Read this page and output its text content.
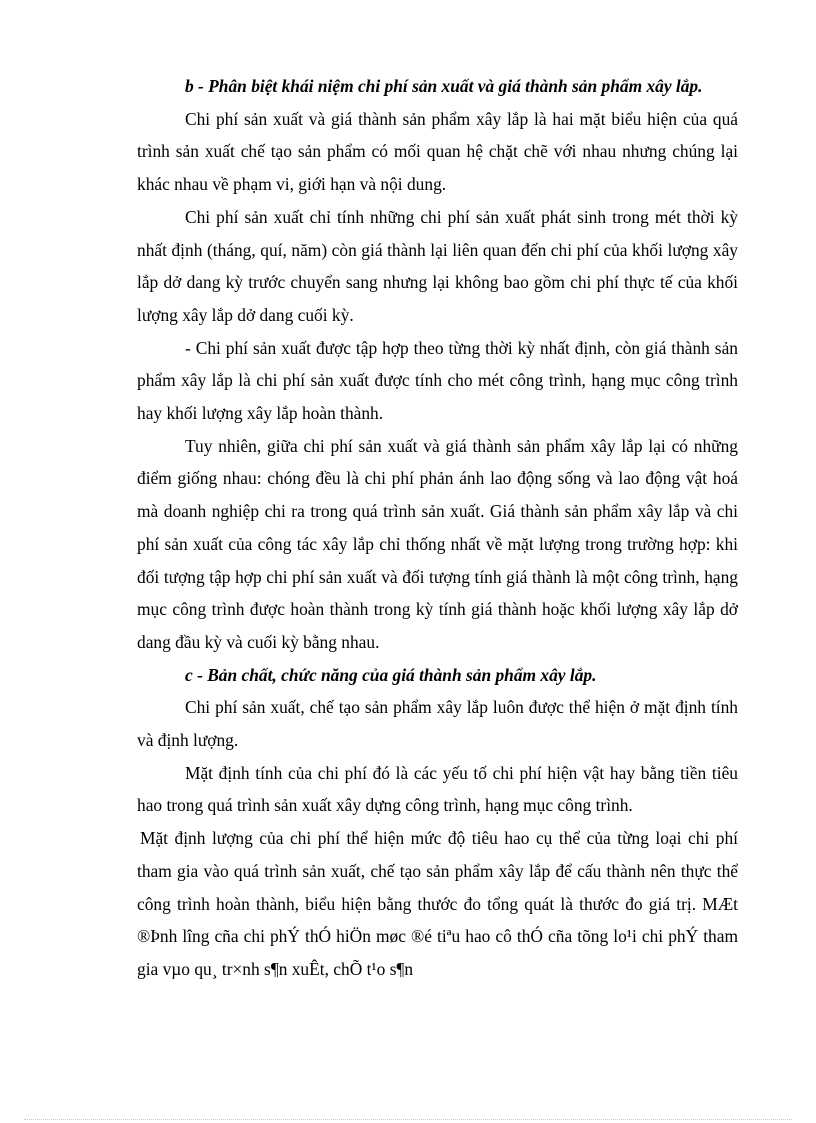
b - Phân biệt khái niệm chi phí sản xuất và giá thành sản phẩm xây lắp.

Chi phí sản xuất và giá thành sản phẩm xây lắp là hai mặt biểu hiện của quá trình sản xuất chế tạo sản phẩm có mối quan hệ chặt chẽ với nhau nhưng chúng lại khác nhau về phạm vi, giới hạn và nội dung.

Chi phí sản xuất chỉ tính những chi phí sản xuất phát sinh trong mét thời kỳ nhất định (tháng, quí, năm) còn giá thành lại liên quan đến chi phí của khối lượng xây lắp dở dang kỳ trước chuyển sang nhưng lại không bao gồm chi phí thực tế của khối lượng xây lắp dở dang cuối kỳ.

- Chi phí sản xuất được tập hợp theo từng thời kỳ nhất định, còn giá thành sản phẩm xây lắp là chi phí sản xuất được tính cho mét công trình, hạng mục công trình hay khối lượng xây lắp hoàn thành.

Tuy nhiên, giữa chi phí sản xuất và giá thành sản phẩm xây lắp lại có những điểm giống nhau: chóng đều là chi phí phản ánh lao động sống và lao động vật hoá mà doanh nghiệp chi ra trong quá trình sản xuất. Giá thành sản phẩm xây lắp và chi phí sản xuất của công tác xây lắp chỉ thống nhất về mặt lượng trong trường hợp: khi đối tượng tập hợp chi phí sản xuất và đối tượng tính giá thành là một công trình, hạng mục công trình được hoàn thành trong kỳ tính giá thành hoặc khối lượng xây lắp dở dang đầu kỳ và cuối kỳ bằng nhau.

c - Bản chất, chức năng của giá thành sản phẩm xây lắp.

Chi phí sản xuất, chế tạo sản phẩm xây lắp luôn được thể hiện ở mặt định tính và định lượng.

Mặt định tính của chi phí đó là các yếu tố chi phí hiện vật hay bằng tiền tiêu hao trong quá trình sản xuất xây dựng công trình, hạng mục công trình.

Mặt định lượng của chi phí thể hiện mức độ tiêu hao cụ thể của từng loại chi phí tham gia vào quá trình sản xuất, chế tạo sản phẩm xây lắp để cấu thành nên thực thể công trình hoàn thành, biểu hiện bằng thước đo tổng quát là thước đo giá trị. MÆt ®Þnh lîng cña chi phÝ thÓ hiÖn møc ®é tiªu hao cô thÓ cña tõng lo¹i chi phÝ tham gia vµo qu¸ tr×nh s¶n xuÊt, chÕ t¹o s¶n
